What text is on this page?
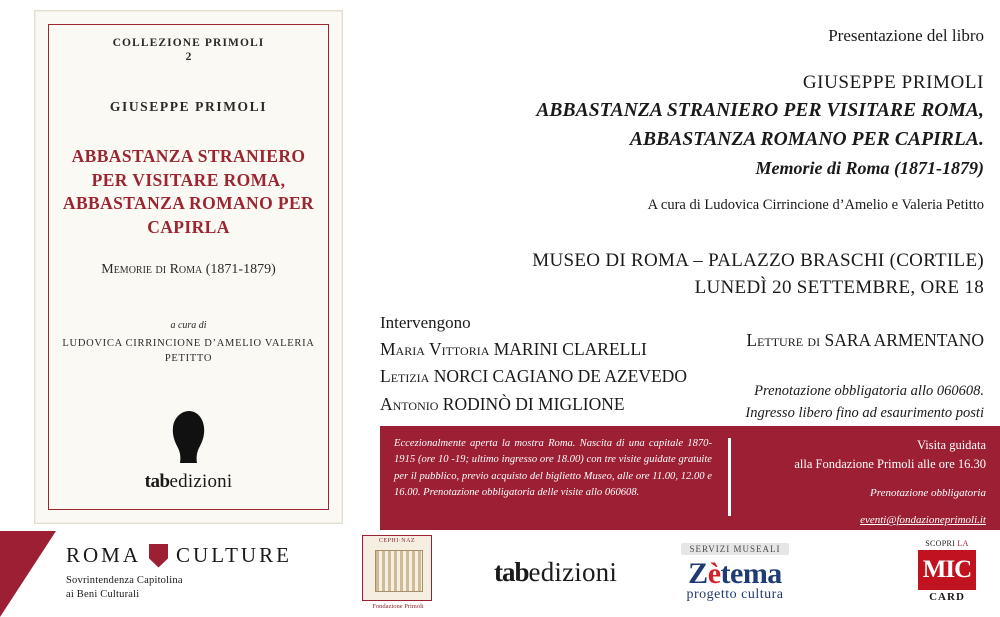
COLLEZIONE PRIMOLI
2
GIUSEPPE PRIMOLI
ABBASTANZA STRANIERO PER VISITARE ROMA, ABBASTANZA ROMANO PER CAPIRLA
Memorie di Roma (1871-1879)
a cura di
LUDOVICA CIRRINCIONE D’AMELIO VALERIA PETITTO
tabedizioni
Presentazione del libro
GIUSEPPE PRIMOLI
ABBASTANZA STRANIERO PER VISITARE ROMA,
ABBASTANZA ROMANO PER CAPIRLA.
Memorie di Roma (1871-1879)
A cura di Ludovica Cirrincione d’Amelio e Valeria Petitto
MUSEO DI ROMA – PALAZZO BRASCHI (CORTILE)
LUNEDÌ 20 SETTEMBRE, ORE 18
Intervengono
Maria Vittoria MARINI CLARELLI
Letizia NORCI CAGIANO DE AZEVEDO
Antonio RODINÒ DI MIGLIONE
Letture di SARA ARMENTANO
Prenotazione obbligatoria allo 060608.
Ingresso libero fino ad esaurimento posti
Eccezionalmente aperta la mostra Roma. Nascita di una capitale 1870-1915 (ore 10 -19; ultimo ingresso ore 18.00) con tre visite guidate gratuite per il pubblico, previo acquisto del biglietto Museo, alle ore 11.00, 12.00 e 16.00. Prenotazione obbligatoria delle visite allo 060608.
Visita guidata
alla Fondazione Primoli alle ore 16.30
Prenotazione obbligatoria
eventi@fondazioneprimoli.it
ROMA CULTURE
Sovrintendenza Capitolina
ai Beni Culturali
CEPHI·NAZ
Fondazione Primoli
tabedizioni
SERVIZI MUSEALI
Zètema
progetto cultura
SCOPRI LA
MIC
CARD
